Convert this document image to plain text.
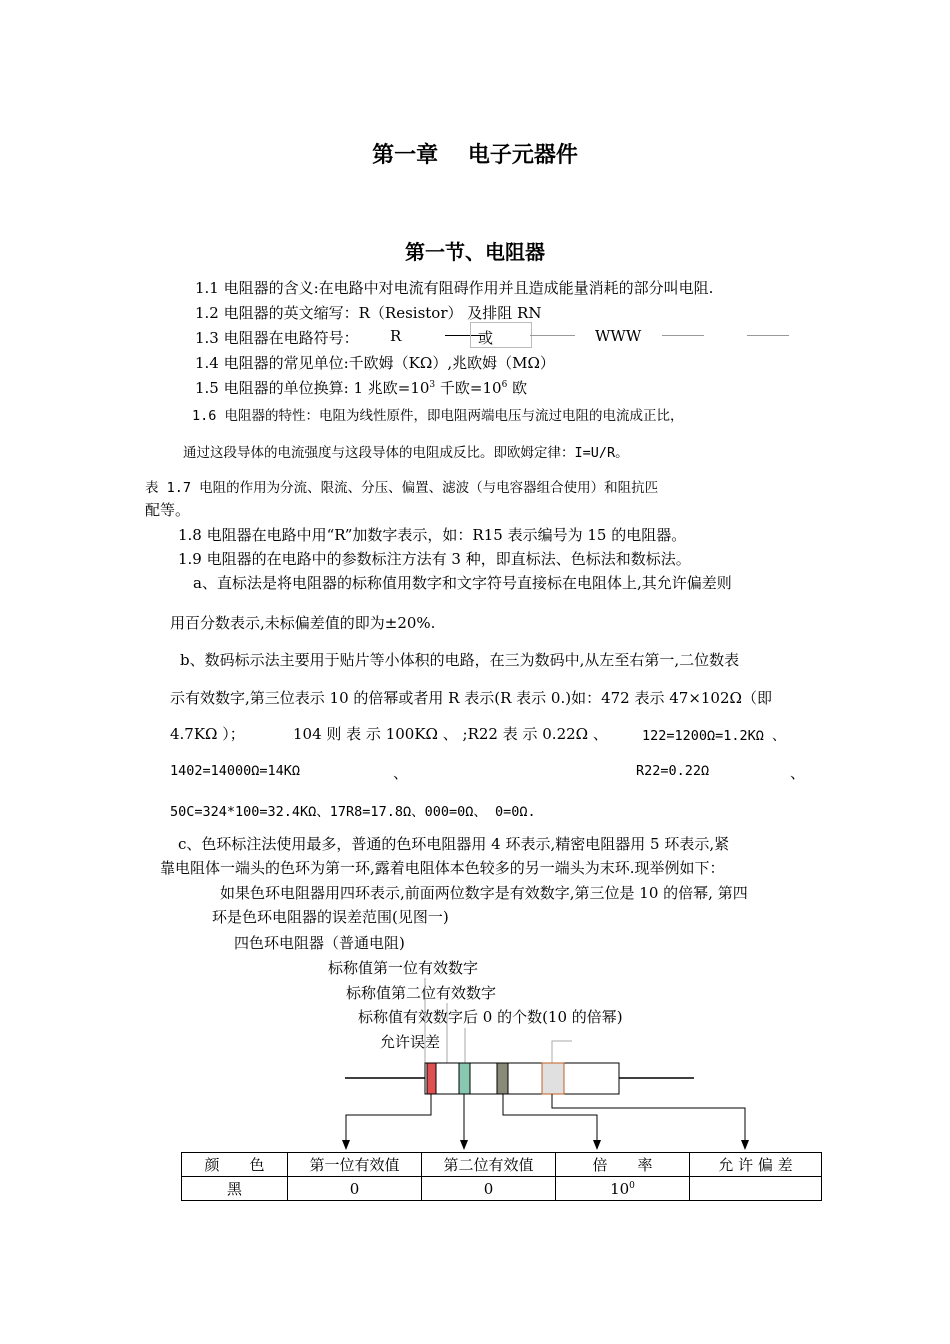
第一章　 电子元器件
第一节、电阻器
1.1 电阻器的含义:在电路中对电流有阻碍作用并且造成能量消耗的部分叫电阻.
1.2 电阻器的英文缩写：R（Resistor） 及排阻 RN
1.3 电阻器在电路符号： R	或	WWW
1.4 电阻器的常见单位:千欧姆（KΩ）,兆欧姆（MΩ）
1.5 电阻器的单位换算: 1 兆欧$=10^3$ 千欧$=10^6$ 欧
1.6 电阻器的特性：电阻为线性原件，即电阻两端电压与流过电阻的电流成正比，
通过这段导体的电流强度与这段导体的电阻成反比。即欧姆定律：I=U/R。
表 1.7 电阻的作用为分流、限流、分压、偏置、滤波（与电容器组合使用）和阻抗匹
配等。
1.8 电阻器在电路中用“R”加数字表示，如：R15 表示编号为 15 的电阻器。
1.9 电阻器的在电路中的参数标注方法有 3 种，即直标法、色标法和数标法。
a、直标法是将电阻器的标称值用数字和文字符号直接标在电阻体上,其允许偏差则
用百分数表示,未标偏差值的即为±20%.
b、数码标示法主要用于贴片等小体积的电路，在三为数码中,从左至右第一,二位数表
示有效数字,第三位表示 10 的倍幂或者用 R 表示(R 表示 0.)如：472 表示 47×102Ω（即
4.7KΩ ）；	104 则 表 示 100KΩ 、 ;R22 表 示 0.22Ω 、	122=1200Ω=1.2KΩ 、
1402=14000Ω=14KΩ	、	R22=0.22Ω	、
50C=324*100=32.4KΩ、17R8=17.8Ω、000=0Ω、 0=0Ω.
c、色环标注法使用最多，普通的色环电阻器用 4 环表示,精密电阻器用 5 环表示,紧
靠电阻体一端头的色环为第一环,露着电阻体本色较多的另一端头为末环.现举例如下：
如果色环电阻器用四环表示,前面两位数字是有效数字,第三位是 10 的倍幂, 第四
环是色环电阻器的误差范围(见图一)
四色环电阻器（普通电阻)
标称值第一位有效数字
标称值第二位有效数字
标称值有效数字后 0 的个数(10 的倍幂)
允许误差
颜　　色	第一位有效值	第二位有效值	倍　　率	允 许 偏 差
黑	0	0	$10^0$	
